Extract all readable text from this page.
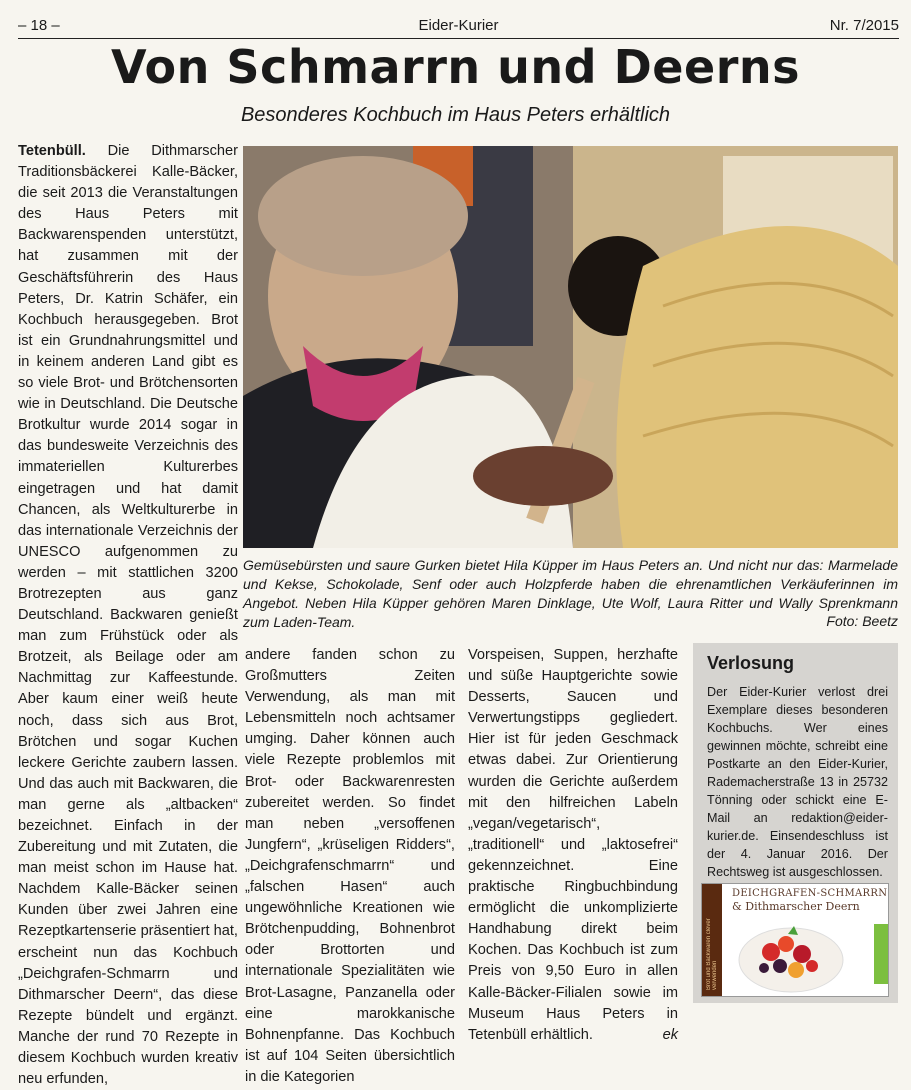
– 18 –	Eider-Kurier	Nr. 7/2015
Von Schmarrn und Deerns
Besonderes Kochbuch im Haus Peters erhältlich

Tetenbüll. Die Dithmarscher Traditionsbäckerei Kalle-Bäcker, die seit 2013 die Veranstaltungen des Haus Peters mit Backwarenspenden unterstützt, hat zusammen mit der Geschäftsführerin des Haus Peters, Dr. Katrin Schäfer, ein Kochbuch herausgegeben. Brot ist ein Grundnahrungsmittel und in keinem anderen Land gibt es so viele Brot- und Brötchensorten wie in Deutschland. Die Deutsche Brotkultur wurde 2014 sogar in das bundesweite Verzeichnis des immateriellen Kulturerbes eingetragen und hat damit Chancen, als Weltkulturerbe in das internationale Verzeichnis der UNESCO aufgenommen zu werden – mit stattlichen 3200 Brotrezepten aus ganz Deutschland. Backwaren genießt man zum Frühstück oder als Brotzeit, als Beilage oder am Nachmittag zur Kaffeestunde. Aber kaum einer weiß heute noch, dass sich aus Brot, Brötchen und sogar Kuchen leckere Gerichte zaubern lassen. Und das auch mit Backwaren, die man gerne als „altbacken“ bezeichnet. Einfach in der Zubereitung und mit Zutaten, die man meist schon im Hause hat. Nachdem Kalle-Bäcker seinen Kunden über zwei Jahren eine Rezeptkartenserie präsentiert hat, erscheint nun das Kochbuch „Deichgrafen-Schmarrn und Dithmarscher Deern“, das diese Rezepte bündelt und ergänzt. Manche der rund 70 Rezepte in diesem Kochbuch wurden kreativ neu erfunden,

Gemüsebürsten und saure Gurken bietet Hila Küpper im Haus Peters an. Und nicht nur das: Marmelade und Kekse, Schokolade, Senf oder auch Holzpferde haben die ehrenamtlichen Verkäuferinnen im Angebot. Neben Hila Küpper gehören Maren Dinklage, Ute Wolf, Laura Ritter und Wally Sprenkmann zum Laden-Team.	Foto: Beetz

andere fanden schon zu Großmutters Zeiten Verwendung, als man mit Lebensmitteln noch achtsamer umging. Daher können auch viele Rezepte problemlos mit Brot- oder Backwarenresten zubereitet werden. So findet man neben „versoffenen Jungfern“, „krüseligen Ridders“, „Deichgrafenschmarrn“ und „falschen Hasen“ auch ungewöhnliche Kreationen wie Brötchenpudding, Bohnenbrot oder Brottorten und internationale Spezialitäten wie Brot-Lasagne, Panzanella oder eine marokkanische Bohnenpfanne. Das Kochbuch ist auf 104 Seiten übersichtlich in die Kategorien

Vorspeisen, Suppen, herzhafte und süße Hauptgerichte sowie Desserts, Saucen und Verwertungstipps gegliedert. Hier ist für jeden Geschmack etwas dabei. Zur Orientierung wurden die Gerichte außerdem mit den hilfreichen Labeln „vegan/vegetarisch“, „traditionell“ und „laktosefrei“ gekennzeichnet. Eine praktische Ringbuchbindung ermöglicht die unkomplizierte Handhabung direkt beim Kochen. Das Kochbuch ist zum Preis von 9,50 Euro in allen Kalle-Bäcker-Filialen sowie im Museum Haus Peters in Tetenbüll erhältlich.	ek

Verlosung
Der Eider-Kurier verlost drei Exemplare dieses besonderen Kochbuchs. Wer eines gewinnen möchte, schreibt eine Postkarte an den Eider-Kurier, Rademacherstraße 13 in 25732 Tönning oder schickt eine E-Mail an redaktion@eider-kurier.de. Einsendeschluss ist der 4. Januar 2016. Der Rechtsweg ist ausgeschlossen.
Brot und Backwaren clever verwenden
DEICHGRAFEN-SCHMARRN
& Dithmarscher Deern
